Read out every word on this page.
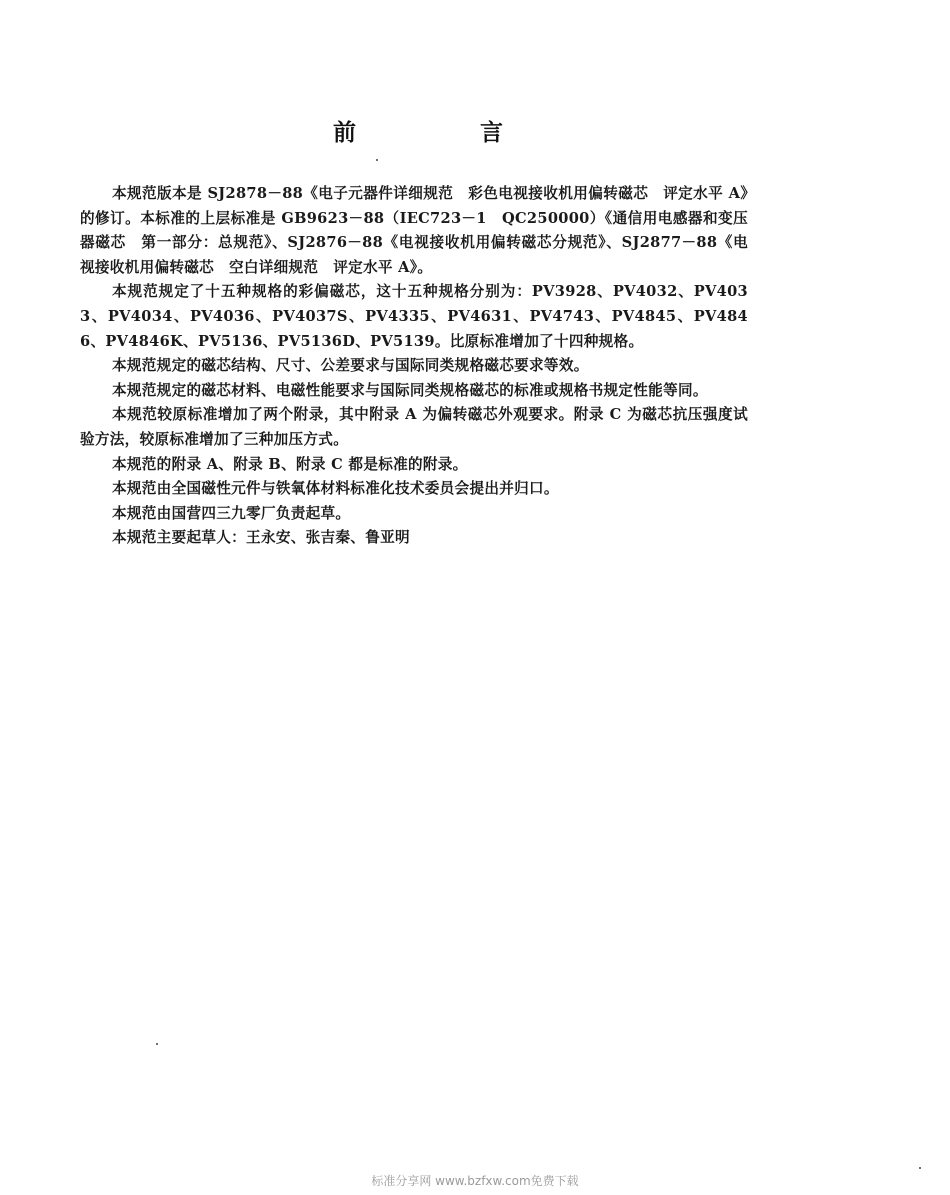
前 言

本规范版本是 SJ2878－88《电子元器件详细规范　彩色电视接收机用偏转磁芯　评定水平 A》的修订。本标准的上层标准是 GB9623－88（IEC723－1　QC250000）《通信用电感器和变压器磁芯　第一部分：总规范》、SJ2876－88《电视接收机用偏转磁芯分规范》、SJ2877－88《电视接收机用偏转磁芯　空白详细规范　评定水平 A》。

本规范规定了十五种规格的彩偏磁芯，这十五种规格分别为：PV3928、PV4032、PV4033、PV4034、PV4036、PV4037S、PV4335、PV4631、PV4743、PV4845、PV4846、PV4846K、PV5136、PV5136D、PV5139。比原标准增加了十四种规格。

本规范规定的磁芯结构、尺寸、公差要求与国际同类规格磁芯要求等效。

本规范规定的磁芯材料、电磁性能要求与国际同类规格磁芯的标准或规格书规定性能等同。

本规范较原标准增加了两个附录，其中附录 A 为偏转磁芯外观要求。附录 C 为磁芯抗压强度试验方法，较原标准增加了三种加压方式。

本规范的附录 A、附录 B、附录 C 都是标准的附录。

本规范由全国磁性元件与铁氧体材料标准化技术委员会提出并归口。

本规范由国营四三九零厂负责起草。

本规范主要起草人：王永安、张吉秦、鲁亚明

标准分享网 www.bzfxw.com免费下载
